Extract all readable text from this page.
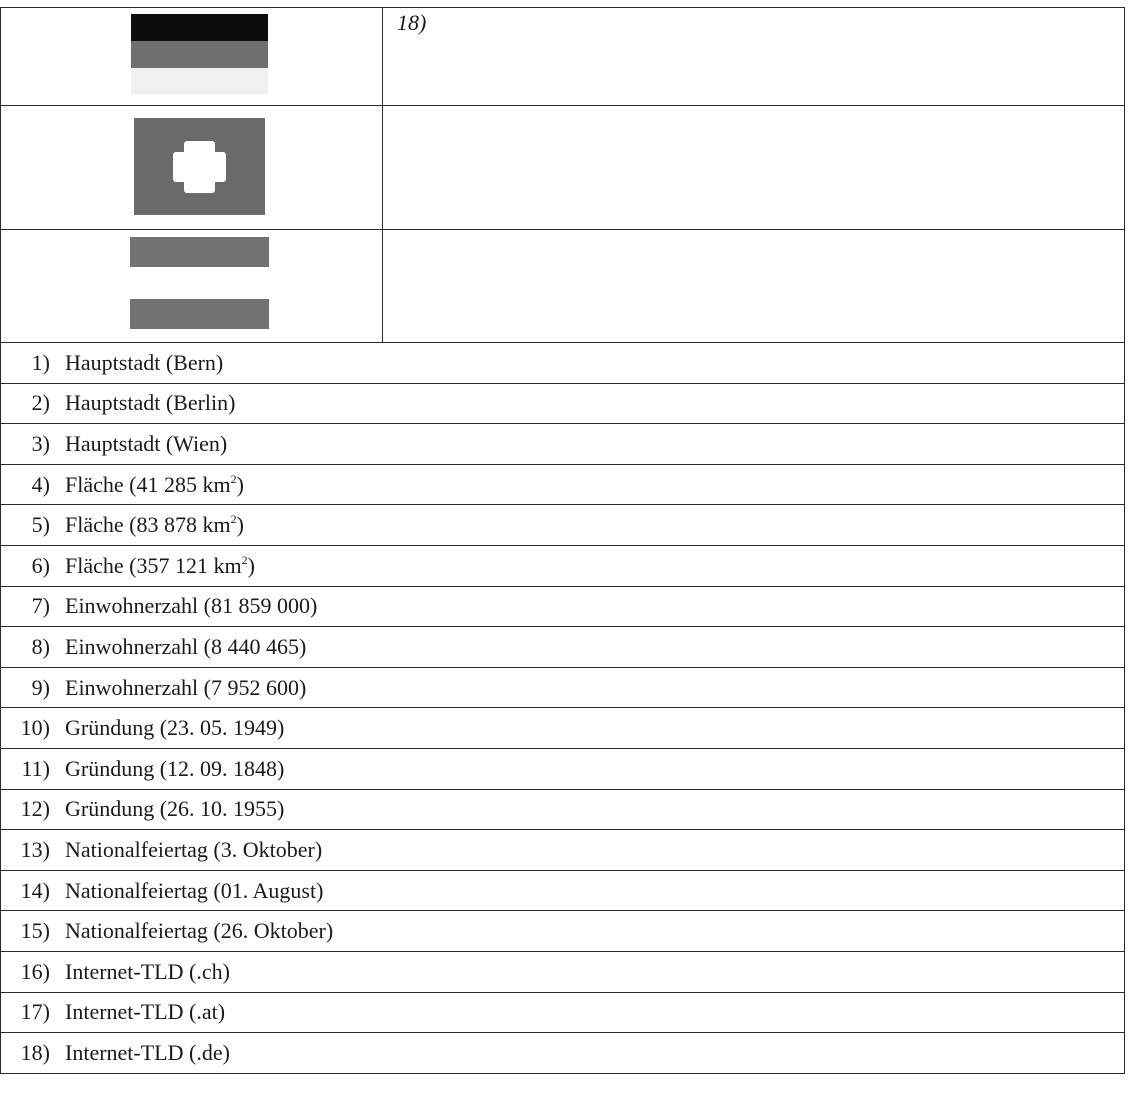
18)
1) Hauptstadt (Bern)
2) Hauptstadt (Berlin)
3) Hauptstadt (Wien)
4) Fläche (41 285 $km^2$)
5) Fläche (83 878 $km^2$)
6) Fläche (357 121 $km^2$)
7) Einwohnerzahl (81 859 000)
8) Einwohnerzahl (8 440 465)
9) Einwohnerzahl (7 952 600)
10) Gründung (23. 05. 1949)
11) Gründung (12. 09. 1848)
12) Gründung (26. 10. 1955)
13) Nationalfeiertag (3. Oktober)
14) Nationalfeiertag (01. August)
15) Nationalfeiertag (26. Oktober)
16) Internet-TLD (.ch)
17) Internet-TLD (.at)
18) Internet-TLD (.de)
